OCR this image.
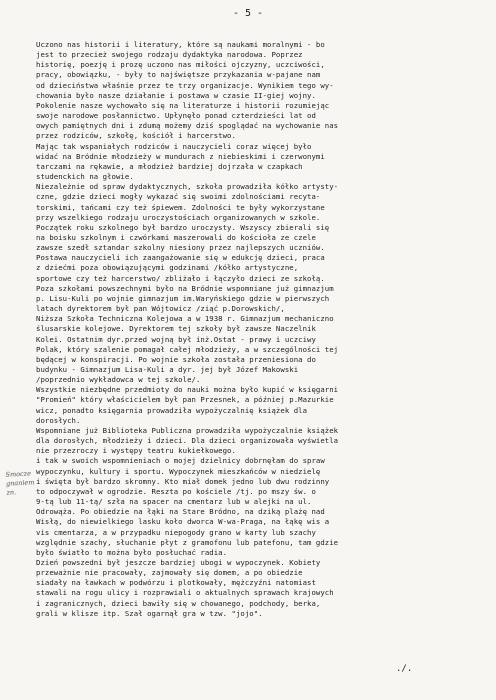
- 5 -
Uczono nas historii i literatury, które są naukami moralnymi - bo
jest to przecież swojego rodzaju dydaktyka narodowa. Poprzez
historię, poezję i prozę uczono nas miłości ojczyzny, uczciwości,
pracy, obowiązku, - były to najświętsze przykazania w-pajane nam
od dzieciństwa właśnie przez te trzy organizacje. Wynikiem tego wy-
chowania było nasze działanie i postawa w czasie II-giej wojny.
Pokolenie nasze wychowało się na literaturze i historii rozumiejąc
swoje narodowe posłannictwo. Upłynęło ponad czterdzieści lat od
owych pamiętnych dni i zdumą możemy dziś spoglądać na wychowanie nas
przez rodziców, szkołę, kościół i harcerstwo.
Mając tak wspaniałych rodziców i nauczycieli coraz więcej było
widać na Bródnie młodzieży w mundurach z niebieskimi i czerwonymi
tarczami na rękawie, a młodzież bardziej dojrzała w czapkach
studenckich na głowie.
Niezależnie od spraw dydaktycznych, szkoła prowadziła kółko artysty-
czne, gdzie dzieci mogły wykazać się swoimi zdolnościami recyta-
torskimi, tańcami czy też śpiewem. Zdolności te były wykorzystane
przy wszelkiego rodzaju uroczystościach organizowanych w szkole.
Początek roku szkolnego był bardzo uroczysty. Wszyscy zbierali się
na boisku szkolnym i czwórkami maszerowali do kościoła ze czele
zawsze szedł sztandar szkolny niesiony przez najlepszych uczniów.
Postawa nauczycieli ich zaangażowanie się w edukcję dzieci, praca
z dziećmi poza obowiązującymi godzinami /kółko artystyczne,
sportowe czy też harcerstwo/ zbliżało i łączyło dzieci ze szkołą.
Poza szkołami powszechnymi było na Bródnie wspomniane już gimnazjum
p. Lisu-Kuli po wojnie gimnazjum im.Waryńskiego gdzie w pierwszych
latach dyrektorem był pan Wójtowicz /ziąć p.Dorowskich/,
Niższa Szkoła Techniczna Kolejowa a w 1938 r. Gimnazjum mechaniczno
ślusarskie kolejowe. Dyrektorem tej szkoły był zawsze Naczelnik
Kolei. Ostatnim dyr.przed wojną był inż.Ostat - prawy i uczciwy
Polak, który szalenie pomagał całej młodzieży, a w szczególności tej
będącej w konspiracji. Po wojnie szkoła została przeniesiona do
budynku - Gimnazjum Lisa-Kuli a dyr. jej był Józef Makowski
/poprzednio wykładowca w tej szkole/.
Wszystkie niezbędne przedmioty do nauki można było kupić w księgarni
"Promień" który właścicielem był pan Przesnek, a później p.Mazurkie
wicz, ponadto księgarnia prowadziła wypożyczalnię książek dla
dorosłych.
Wspomniane już Biblioteka Publiczna prowadziła wypożyczalnie książek
dla dorosłych, młodzieży i dzieci. Dla dzieci organizowała wyświetla
nie przezroczy i występy teatru kukiełkowego.
i tak w swoich wspomnieniach o mojej dzielnicy dobrnęłam do spraw
wypoczynku, kultury i sportu. Wypoczynek mieszkańców w niedzielę
i święta był bardzo skromny. Kto miał domek jedno lub dwu rodzinny
to odpoczywał w ogrodzie. Reszta po kościele /tj. po mszy św. o
9-tą lub 11-tą/ szła na spacer na cmentarz lub w alejki na ul.
Odrowąża. Po obiedzie na łąki na Stare Bródno, na dziką plażę nad
Wisłą, do niewielkiego lasku koło dworca W-wa-Praga, na łąkę wis a
vis cmentarza, a w przypadku niepogody grano w karty lub szachy
względnie szachy, słuchanie płyt z gramofonu lub patefonu, tam gdzie
było światło to można było posłuchać radia.
Dzień powszedni był jeszcze bardziej ubogi w wypoczynek. Kobiety
przeważnie nie pracowały, zajmowały się domem, a po obiedzie
siadały na ławkach w podwórzu i plotkowały, mężczyźni natomiast
stawali na rogu ulicy i rozprawiali o aktualnych sprawach krajowych
i zagranicznych, dzieci bawiły się w chowanego, podchody, berka,
grali w klisze itp. Szał ogarnął gra w tzw. "jojo".
Smocze
gnaniem
zn.
./.
